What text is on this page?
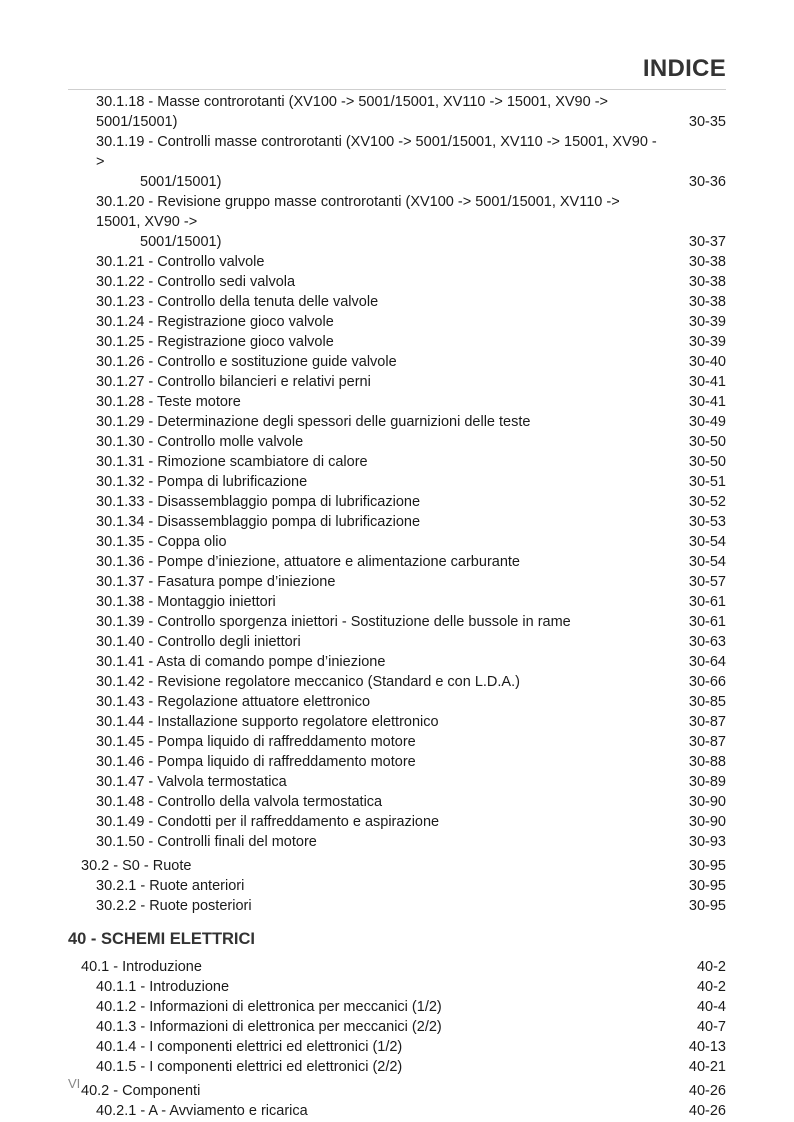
INDICE
30.1.18 - Masse controrotanti (XV100 -> 5001/15001, XV110 -> 15001, XV90 -> 5001/15001)	30-35
30.1.19 - Controlli masse controrotanti (XV100 -> 5001/15001, XV110 -> 15001, XV90 ->
5001/15001)	30-36
30.1.20 - Revisione gruppo masse controrotanti (XV100 -> 5001/15001, XV110 -> 15001, XV90 ->
5001/15001)	30-37
30.1.21 - Controllo valvole	30-38
30.1.22 - Controllo sedi valvola	30-38
30.1.23 - Controllo della tenuta delle valvole	30-38
30.1.24 - Registrazione gioco valvole	30-39
30.1.25 - Registrazione gioco valvole	30-39
30.1.26 - Controllo e sostituzione guide valvole	30-40
30.1.27 - Controllo bilancieri e relativi perni	30-41
30.1.28 - Teste motore	30-41
30.1.29 - Determinazione degli spessori delle guarnizioni delle teste	30-49
30.1.30 - Controllo molle valvole	30-50
30.1.31 - Rimozione scambiatore di calore	30-50
30.1.32 - Pompa di lubrificazione	30-51
30.1.33 - Disassemblaggio pompa di lubrificazione	30-52
30.1.34 - Disassemblaggio pompa di lubrificazione	30-53
30.1.35 - Coppa olio	30-54
30.1.36 - Pompe d’iniezione, attuatore e alimentazione carburante	30-54
30.1.37 - Fasatura pompe d’iniezione	30-57
30.1.38 - Montaggio iniettori	30-61
30.1.39 - Controllo sporgenza iniettori - Sostituzione delle bussole in rame	30-61
30.1.40 - Controllo degli iniettori	30-63
30.1.41 - Asta di comando pompe d’iniezione	30-64
30.1.42 - Revisione regolatore meccanico (Standard e con L.D.A.)	30-66
30.1.43 - Regolazione attuatore elettronico	30-85
30.1.44 - Installazione supporto regolatore elettronico	30-87
30.1.45 - Pompa liquido di raffreddamento motore	30-87
30.1.46 - Pompa liquido di raffreddamento motore	30-88
30.1.47 - Valvola termostatica	30-89
30.1.48 - Controllo della valvola termostatica	30-90
30.1.49 - Condotti per il raffreddamento e aspirazione	30-90
30.1.50 - Controlli finali del motore	30-93
30.2 - S0 - Ruote	30-95
30.2.1 - Ruote anteriori	30-95
30.2.2 - Ruote posteriori	30-95
40 - SCHEMI ELETTRICI
40.1 - Introduzione	40-2
40.1.1 - Introduzione	40-2
40.1.2 - Informazioni di elettronica per meccanici (1/2)	40-4
40.1.3 - Informazioni di elettronica per meccanici (2/2)	40-7
40.1.4 - I componenti elettrici ed elettronici (1/2)	40-13
40.1.5 - I componenti elettrici ed elettronici (2/2)	40-21
40.2 - Componenti	40-26
40.2.1 - A - Avviamento e ricarica	40-26
VI
